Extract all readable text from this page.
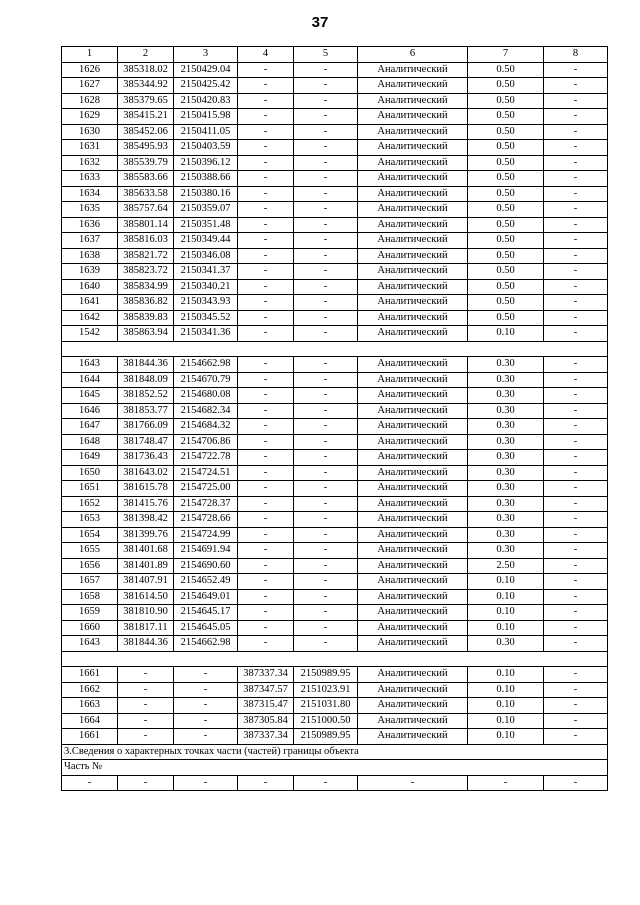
37
1	2	3	4	5	6	7	8
1626	385318.02	2150429.04	-	-	Аналитический	0.50	-
1627	385344.92	2150425.42	-	-	Аналитический	0.50	-
1628	385379.65	2150420.83	-	-	Аналитический	0.50	-
1629	385415.21	2150415.98	-	-	Аналитический	0.50	-
1630	385452.06	2150411.05	-	-	Аналитический	0.50	-
1631	385495.93	2150403.59	-	-	Аналитический	0.50	-
1632	385539.79	2150396.12	-	-	Аналитический	0.50	-
1633	385583.66	2150388.66	-	-	Аналитический	0.50	-
1634	385633.58	2150380.16	-	-	Аналитический	0.50	-
1635	385757.64	2150359.07	-	-	Аналитический	0.50	-
1636	385801.14	2150351.48	-	-	Аналитический	0.50	-
1637	385816.03	2150349.44	-	-	Аналитический	0.50	-
1638	385821.72	2150346.08	-	-	Аналитический	0.50	-
1639	385823.72	2150341.37	-	-	Аналитический	0.50	-
1640	385834.99	2150340.21	-	-	Аналитический	0.50	-
1641	385836.82	2150343.93	-	-	Аналитический	0.50	-
1642	385839.83	2150345.52	-	-	Аналитический	0.50	-
1542	385863.94	2150341.36	-	-	Аналитический	0.10	-

1643	381844.36	2154662.98	-	-	Аналитический	0.30	-
1644	381848.09	2154670.79	-	-	Аналитический	0.30	-
1645	381852.52	2154680.08	-	-	Аналитический	0.30	-
1646	381853.77	2154682.34	-	-	Аналитический	0.30	-
1647	381766.09	2154684.32	-	-	Аналитический	0.30	-
1648	381748.47	2154706.86	-	-	Аналитический	0.30	-
1649	381736.43	2154722.78	-	-	Аналитический	0.30	-
1650	381643.02	2154724.51	-	-	Аналитический	0.30	-
1651	381615.78	2154725.00	-	-	Аналитический	0.30	-
1652	381415.76	2154728.37	-	-	Аналитический	0.30	-
1653	381398.42	2154728.66	-	-	Аналитический	0.30	-
1654	381399.76	2154724.99	-	-	Аналитический	0.30	-
1655	381401.68	2154691.94	-	-	Аналитический	0.30	-
1656	381401.89	2154690.60	-	-	Аналитический	2.50	-
1657	381407.91	2154652.49	-	-	Аналитический	0.10	-
1658	381614.50	2154649.01	-	-	Аналитический	0.10	-
1659	381810.90	2154645.17	-	-	Аналитический	0.10	-
1660	381817.11	2154645.05	-	-	Аналитический	0.10	-
1643	381844.36	2154662.98	-	-	Аналитический	0.30	-

1661	-	-	387337.34	2150989.95	Аналитический	0.10	-
1662	-	-	387347.57	2151023.91	Аналитический	0.10	-
1663	-	-	387315.47	2151031.80	Аналитический	0.10	-
1664	-	-	387305.84	2151000.50	Аналитический	0.10	-
1661	-	-	387337.34	2150989.95	Аналитический	0.10	-
3.Сведения о характерных точках части (частей) границы объекта							
Часть №							
-	-	-	-	-	-	-	-
